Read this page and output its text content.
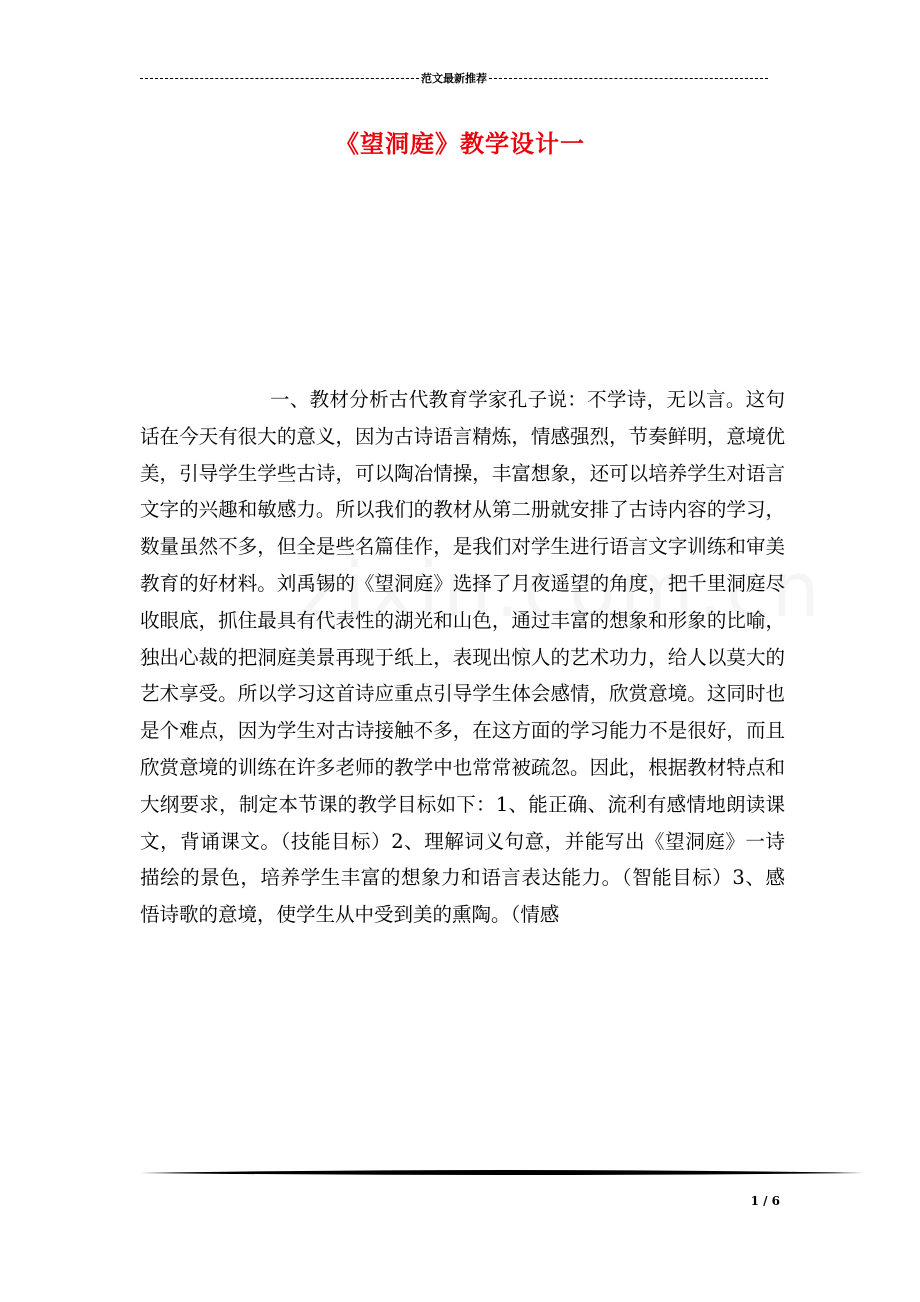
范文最新推荐
《望洞庭》教学设计一

一、教材分析古代教育学家孔子说：不学诗，无以言。这句话在今天有很大的意义，因为古诗语言精炼，情感强烈，节奏鲜明，意境优美，引导学生学些古诗，可以陶冶情操，丰富想象，还可以培养学生对语言文字的兴趣和敏感力。所以我们的教材从第二册就安排了古诗内容的学习，数量虽然不多，但全是些名篇佳作，是我们对学生进行语言文字训练和审美教育的好材料。刘禹锡的《望洞庭》选择了月夜遥望的角度，把千里洞庭尽收眼底，抓住最具有代表性的湖光和山色，通过丰富的想象和形象的比喻，独出心裁的把洞庭美景再现于纸上，表现出惊人的艺术功力，给人以莫大的艺术享受。所以学习这首诗应重点引导学生体会感情，欣赏意境。这同时也是个难点，因为学生对古诗接触不多，在这方面的学习能力不是很好，而且欣赏意境的训练在许多老师的教学中也常常被疏忽。因此，根据教材特点和大纲要求，制定本节课的教学目标如下：1、能正确、流利有感情地朗读课文，背诵课文。（技能目标）2、理解词义句意，并能写出《望洞庭》一诗描绘的景色，培养学生丰富的想象力和语言表达能力。（智能目标）3、感悟诗歌的意境，使学生从中受到美的熏陶。（情感

1 / 6
